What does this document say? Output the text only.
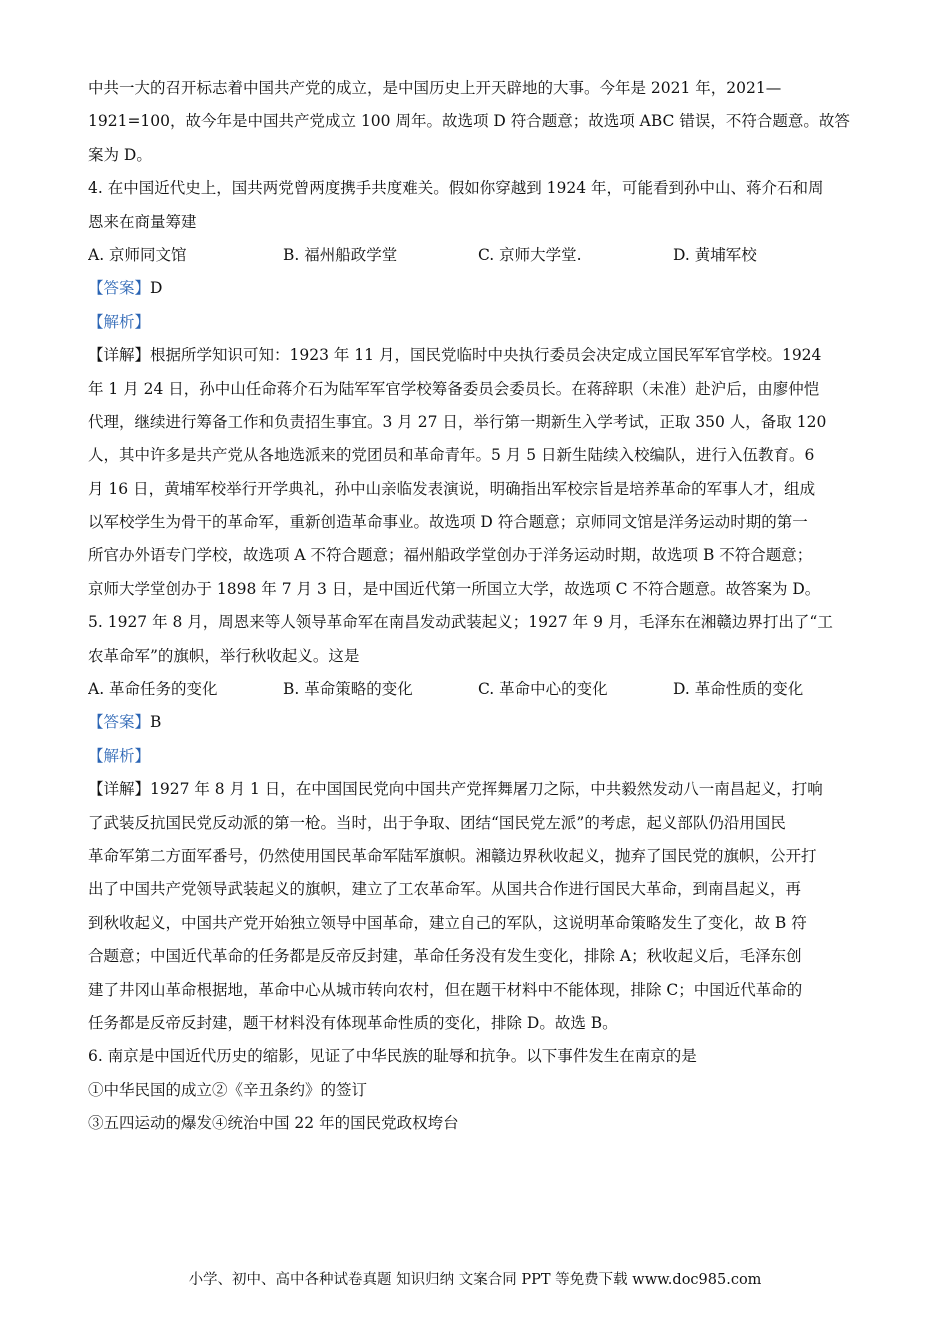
中共一大的召开标志着中国共产党的成立，是中国历史上开天辟地的大事。今年是 2021 年，2021—
1921=100，故今年是中国共产党成立 100 周年。故选项 D 符合题意；故选项 ABC 错误，不符合题意。故答
案为 D。
4. 在中国近代史上，国共两党曾两度携手共度难关。假如你穿越到 1924 年，可能看到孙中山、蒋介石和周
恩来在商量筹建
A. 京师同文馆	B. 福州船政学堂	C. 京师大学堂.	D. 黄埔军校
【答案】D
【解析】
【详解】根据所学知识可知：1923 年 11 月，国民党临时中央执行委员会决定成立国民军军官学校。1924
年 1 月 24 日，孙中山任命蒋介石为陆军军官学校筹备委员会委员长。在蒋辞职（未准）赴沪后，由廖仲恺
代理，继续进行筹备工作和负责招生事宜。3 月 27 日，举行第一期新生入学考试，正取 350 人，备取 120
人，其中许多是共产党从各地选派来的党团员和革命青年。5 月 5 日新生陆续入校编队，进行入伍教育。6
月 16 日，黄埔军校举行开学典礼，孙中山亲临发表演说，明确指出军校宗旨是培养革命的军事人才，组成
以军校学生为骨干的革命军，重新创造革命事业。故选项 D 符合题意；京师同文馆是洋务运动时期的第一
所官办外语专门学校，故选项 A 不符合题意；福州船政学堂创办于洋务运动时期，故选项 B 不符合题意；
京师大学堂创办于 1898 年 7 月 3 日，是中国近代第一所国立大学，故选项 C 不符合题意。故答案为 D。
5. 1927 年 8 月，周恩来等人领导革命军在南昌发动武装起义；1927 年 9 月，毛泽东在湘赣边界打出了“工
农革命军”的旗帜，举行秋收起义。这是
A. 革命任务的变化	B. 革命策略的变化	C. 革命中心的变化	D. 革命性质的变化
【答案】B
【解析】
【详解】1927 年 8 月 1 日，在中国国民党向中国共产党挥舞屠刀之际，中共毅然发动八一南昌起义，打响
了武装反抗国民党反动派的第一枪。当时，出于争取、团结“国民党左派”的考虑，起义部队仍沿用国民
革命军第二方面军番号，仍然使用国民革命军陆军旗帜。湘赣边界秋收起义，抛弃了国民党的旗帜，公开打
出了中国共产党领导武装起义的旗帜，建立了工农革命军。从国共合作进行国民大革命，到南昌起义，再
到秋收起义，中国共产党开始独立领导中国革命，建立自己的军队，这说明革命策略发生了变化，故 B 符
合题意；中国近代革命的任务都是反帝反封建，革命任务没有发生变化，排除 A；秋收起义后，毛泽东创
建了井冈山革命根据地，革命中心从城市转向农村，但在题干材料中不能体现，排除 C；中国近代革命的
任务都是反帝反封建，题干材料没有体现革命性质的变化，排除 D。故选 B。
6. 南京是中国近代历史的缩影，见证了中华民族的耻辱和抗争。以下事件发生在南京的是
①中华民国的成立②《辛丑条约》的签订
③五四运动的爆发④统治中国 22 年的国民党政权垮台
小学、初中、高中各种试卷真题 知识归纳 文案合同 PPT 等免费下载 www.doc985.com
